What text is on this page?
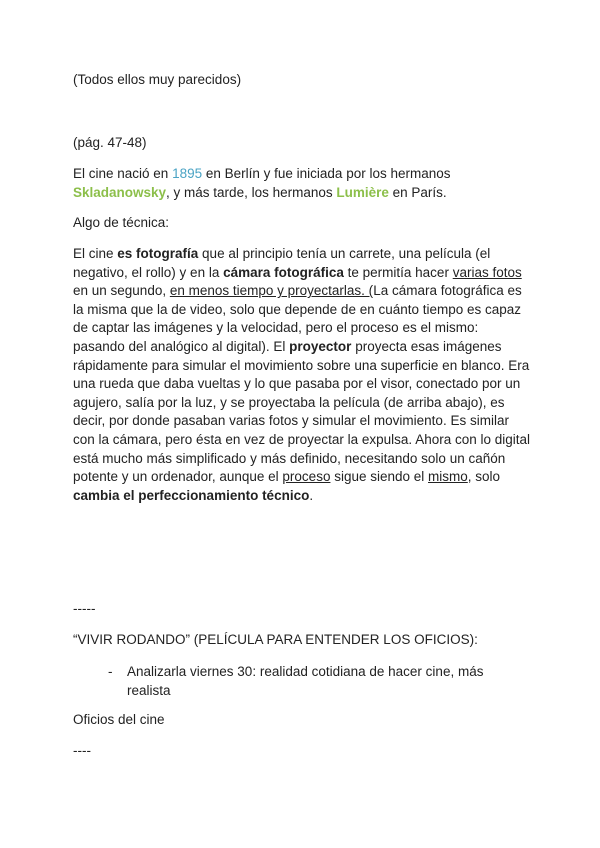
(Todos ellos muy parecidos)

(pág. 47-48)

El cine nació en 1895 en Berlín y fue iniciada por los hermanos Skladanowsky, y más tarde, los hermanos Lumière en París.

Algo de técnica:

El cine es fotografía que al principio tenía un carrete, una película (el negativo, el rollo) y en la cámara fotográfica te permitía hacer varias fotos en un segundo, en menos tiempo y proyectarlas. (La cámara fotográfica es la misma que la de video, solo que depende de en cuánto tiempo es capaz de captar las imágenes y la velocidad, pero el proceso es el mismo: pasando del analógico al digital). El proyector proyecta esas imágenes rápidamente para simular el movimiento sobre una superficie en blanco. Era una rueda que daba vueltas y lo que pasaba por el visor, conectado por un agujero, salía por la luz, y se proyectaba la película (de arriba abajo), es decir, por donde pasaban varias fotos y simular el movimiento. Es similar con la cámara, pero ésta en vez de proyectar la expulsa. Ahora con lo digital está mucho más simplificado y más definido, necesitando solo un cañón potente y un ordenador, aunque el proceso sigue siendo el mismo, solo cambia el perfeccionamiento técnico.

-----

“VIVIR RODANDO” (PELÍCULA PARA ENTENDER LOS OFICIOS):

- Analizarla viernes 30: realidad cotidiana de hacer cine, más realista

Oficios del cine

----
